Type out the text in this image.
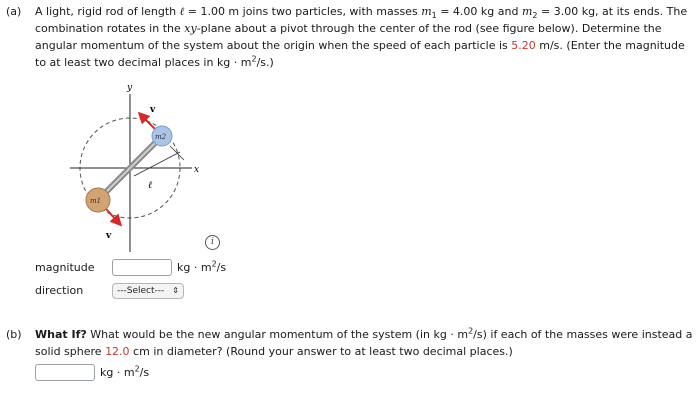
(a) A light, rigid rod of length ℓ = 1.00 m joins two particles, with masses $m_1 = 4.00$ kg and $m_2 = 3.00$ kg, at its ends. The combination rotates in the xy-plane about a pivot through the center of the rod (see figure below). Determine the angular momentum of the system about the origin when the speed of each particle is 5.20 m/s. (Enter the magnitude to at least two decimal places in kg · $m^2/s$.)
y
x
ℓ
v
v
m2
m1
i
magnitude	kg · $m^2/s$
direction	---Select--- ⇕
(b) What If? What would be the new angular momentum of the system (in kg · $m^2/s$) if each of the masses were instead a solid sphere 12.0 cm in diameter? (Round your answer to at least two decimal places.)
kg · $m^2/s$
